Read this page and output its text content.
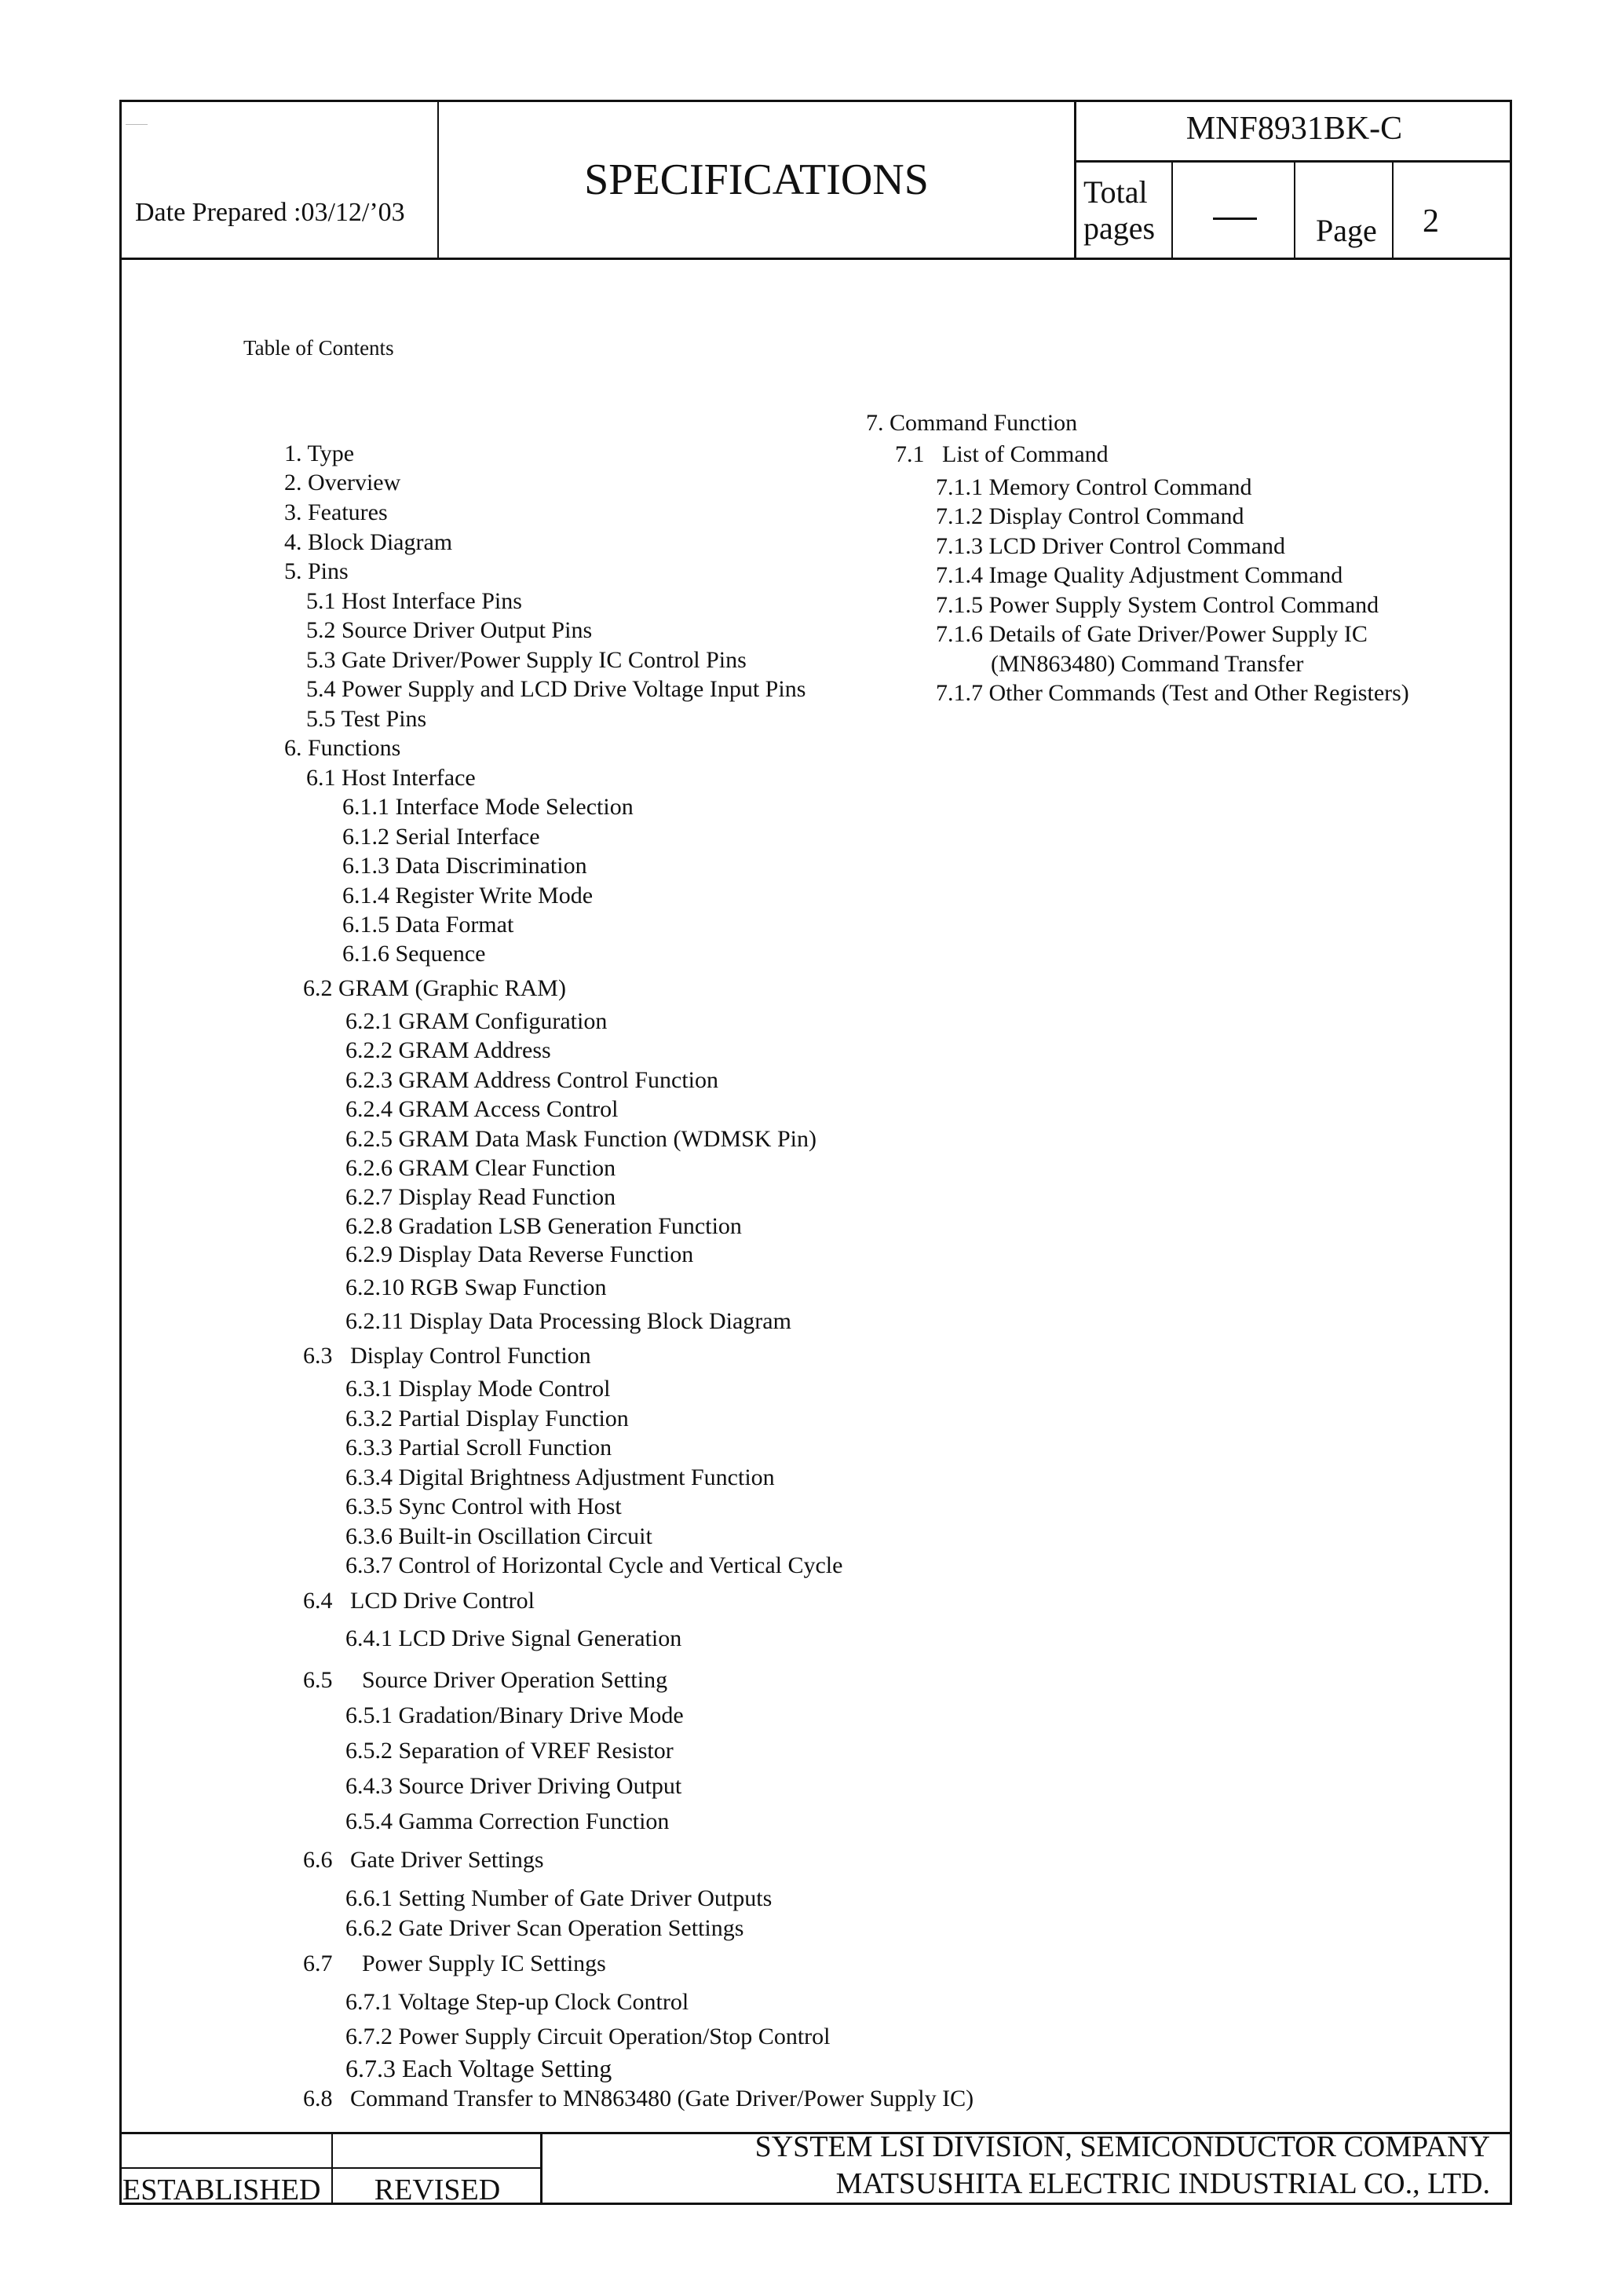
Date Prepared :03/12/’03
SPECIFICATIONS
MNF8931BK-C
Total
pages	Page 2
Table of Contents
1. Type
2. Overview
3. Features
4. Block Diagram
5. Pins
5.1 Host Interface Pins
5.2 Source Driver Output Pins
5.3 Gate Driver/Power Supply IC Control Pins
5.4 Power Supply and LCD Drive Voltage Input Pins
5.5 Test Pins
6. Functions
6.1 Host Interface
6.1.1 Interface Mode Selection
6.1.2 Serial Interface
6.1.3 Data Discrimination
6.1.4 Register Write Mode
6.1.5 Data Format
6.1.6 Sequence
6.2 GRAM (Graphic RAM)
6.2.1 GRAM Configuration
6.2.2 GRAM Address
6.2.3 GRAM Address Control Function
6.2.4 GRAM Access Control
6.2.5 GRAM Data Mask Function (WDMSK Pin)
6.2.6 GRAM Clear Function
6.2.7 Display Read Function
6.2.8 Gradation LSB Generation Function
6.2.9 Display Data Reverse Function
6.2.10 RGB Swap Function
6.2.11 Display Data Processing Block Diagram
6.3   Display Control Function
6.3.1 Display Mode Control
6.3.2 Partial Display Function
6.3.3 Partial Scroll Function
6.3.4 Digital Brightness Adjustment Function
6.3.5 Sync Control with Host
6.3.6 Built-in Oscillation Circuit
6.3.7 Control of Horizontal Cycle and Vertical Cycle
6.4   LCD Drive Control
6.4.1 LCD Drive Signal Generation
6.5     Source Driver Operation Setting
6.5.1 Gradation/Binary Drive Mode
6.5.2 Separation of VREF Resistor
6.4.3 Source Driver Driving Output
6.5.4 Gamma Correction Function
6.6   Gate Driver Settings
6.6.1 Setting Number of Gate Driver Outputs
6.6.2 Gate Driver Scan Operation Settings
6.7     Power Supply IC Settings
6.7.1 Voltage Step-up Clock Control
6.7.2 Power Supply Circuit Operation/Stop Control
6.7.3 Each Voltage Setting
6.8   Command Transfer to MN863480 (Gate Driver/Power Supply IC)
7. Command Function
7.1   List of Command
7.1.1 Memory Control Command
7.1.2 Display Control Command
7.1.3 LCD Driver Control Command
7.1.4 Image Quality Adjustment Command
7.1.5 Power Supply System Control Command
7.1.6 Details of Gate Driver/Power Supply IC
(MN863480) Command Transfer
7.1.7 Other Commands (Test and Other Registers)
ESTABLISHED	REVISED
SYSTEM LSI DIVISION, SEMICONDUCTOR COMPANY
MATSUSHITA ELECTRIC INDUSTRIAL CO., LTD.
